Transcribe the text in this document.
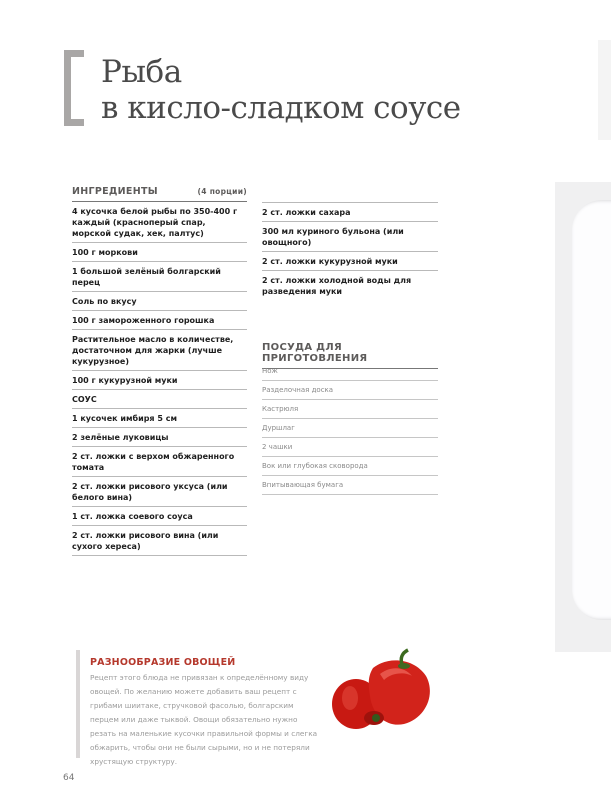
Рыба
в кисло-сладком соусе
ИНГРЕДИЕНТЫ	(4 порции)
4 кусочка белой рыбы по 350-400 г каждый (красноперый спар, морской судак, хек, палтус)
100 г моркови
1 большой зелёный болгарский перец
Соль по вкусу
100 г замороженного горошка
Растительное масло в количестве, достаточном для жарки (лучше кукурузное)
100 г кукурузной муки
СОУС
1 кусочек имбиря 5 см
2 зелёные луковицы
2 ст. ложки с верхом обжаренного томата
2 ст. ложки рисового уксуса (или белого вина)
1 ст. ложка соевого соуса
2 ст. ложки рисового вина (или сухого хереса)
2 ст. ложки сахара
300 мл куриного бульона (или овощного)
2 ст. ложки кукурузной муки
2 ст. ложки холодной воды для разведения муки
ПОСУДА ДЛЯ ПРИГОТОВЛЕНИЯ
Нож
Разделочная доска
Кастрюля
Дуршлаг
2 чашки
Вок или глубокая сковорода
Впитывающая бумага
РАЗНООБРАЗИЕ ОВОЩЕЙ
Рецепт этого блюда не привязан к определённому виду овощей. По желанию можете добавить ваш рецепт с грибами шиитаке, стручковой фасолью, болгарским перцем или даже тыквой. Овощи обязательно нужно резать на маленькие кусочки правильной формы и слегка обжарить, чтобы они не были сырыми, но и не потеряли хрустящую структуру.
64
